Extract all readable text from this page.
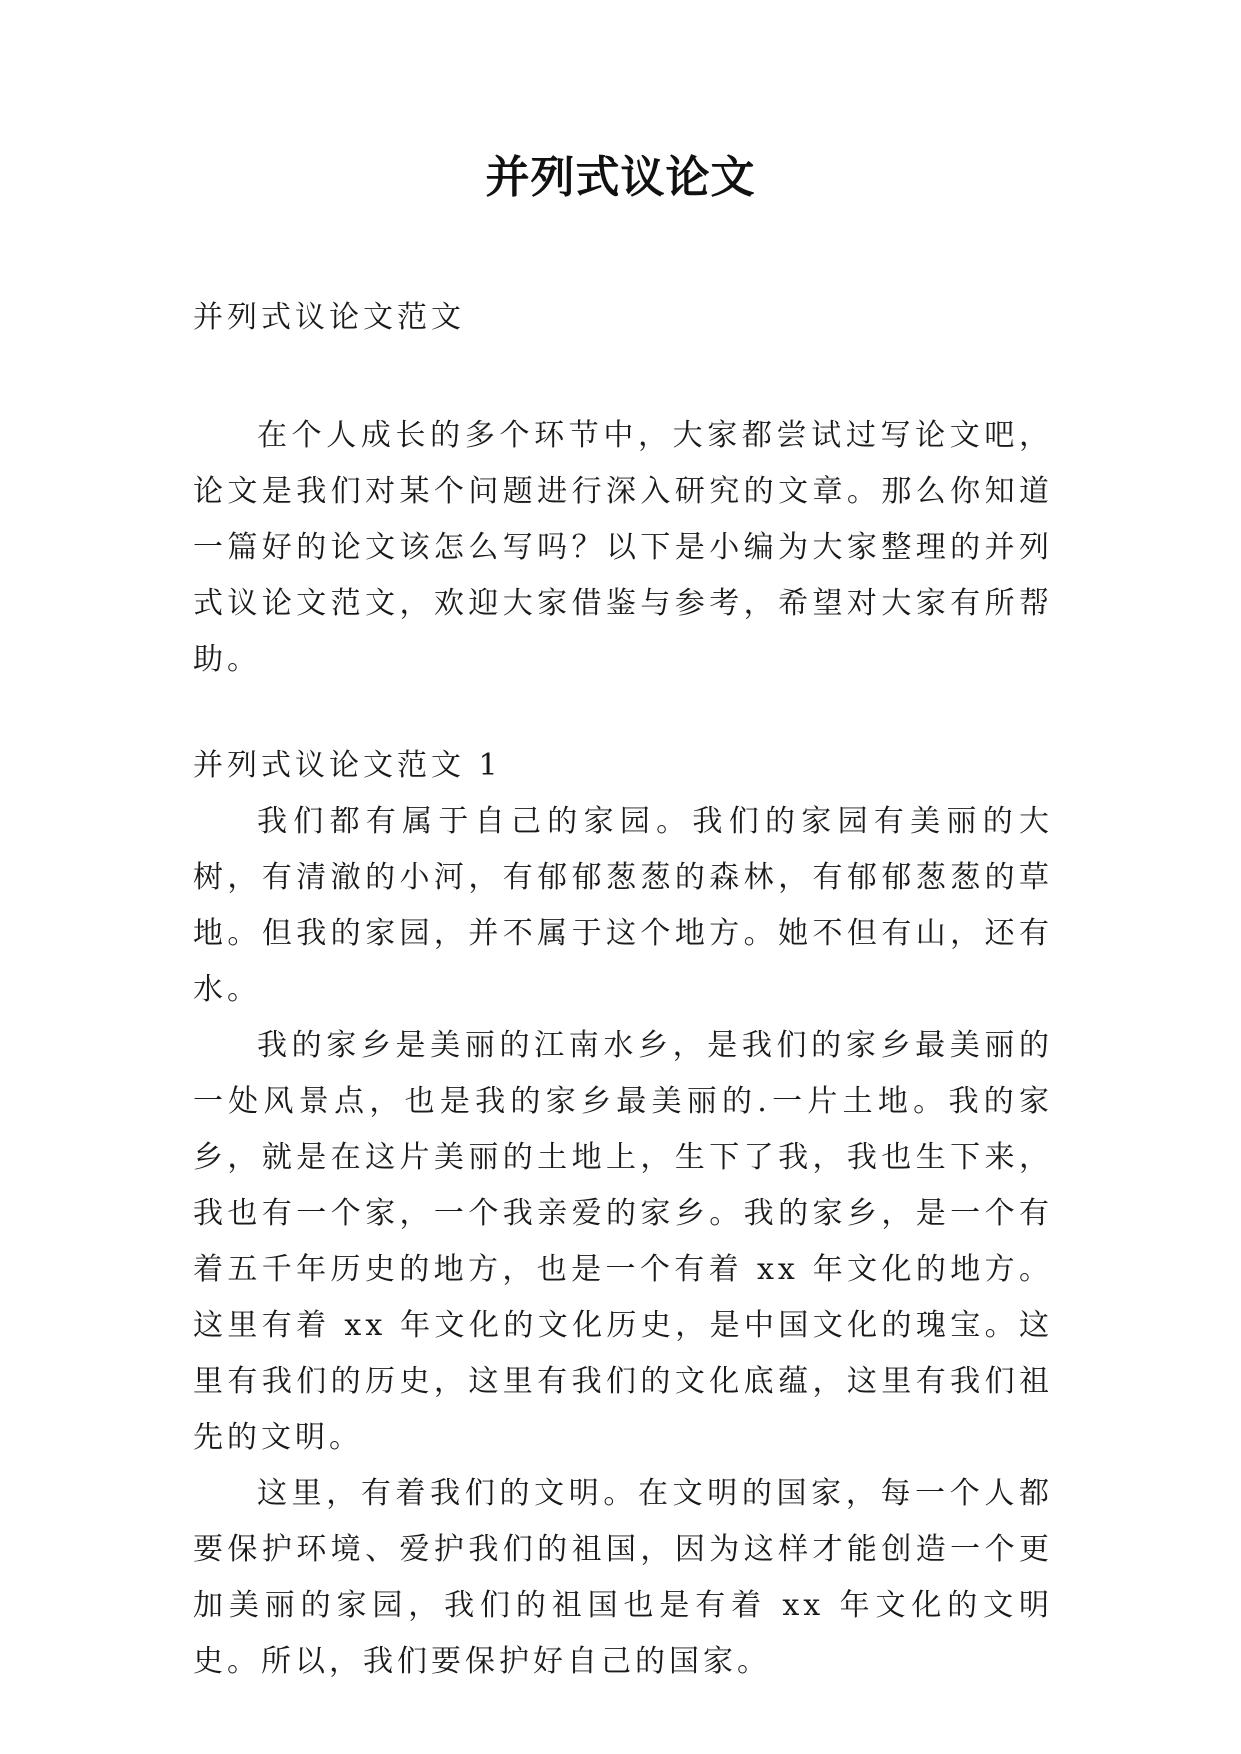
并列式议论文

并列式议论文范文

在个人成长的多个环节中，大家都尝试过写论文吧，论文是我们对某个问题进行深入研究的文章。那么你知道一篇好的论文该怎么写吗？以下是小编为大家整理的并列式议论文范文，欢迎大家借鉴与参考，希望对大家有所帮助。

并列式议论文范文 1

我们都有属于自己的家园。我们的家园有美丽的大树，有清澈的小河，有郁郁葱葱的森林，有郁郁葱葱的草地。但我的家园，并不属于这个地方。她不但有山，还有水。

我的家乡是美丽的江南水乡，是我们的家乡最美丽的一处风景点，也是我的家乡最美丽的.一片土地。我的家乡，就是在这片美丽的土地上，生下了我，我也生下来，我也有一个家，一个我亲爱的家乡。我的家乡，是一个有着五千年历史的地方，也是一个有着 xx 年文化的地方。这里有着 xx 年文化的文化历史，是中国文化的瑰宝。这里有我们的历史，这里有我们的文化底蕴，这里有我们祖先的文明。

这里，有着我们的文明。在文明的国家，每一个人都要保护环境、爱护我们的祖国，因为这样才能创造一个更加美丽的家园，我们的祖国也是有着 xx 年文化的文明史。所以，我们要保护好自己的国家。
